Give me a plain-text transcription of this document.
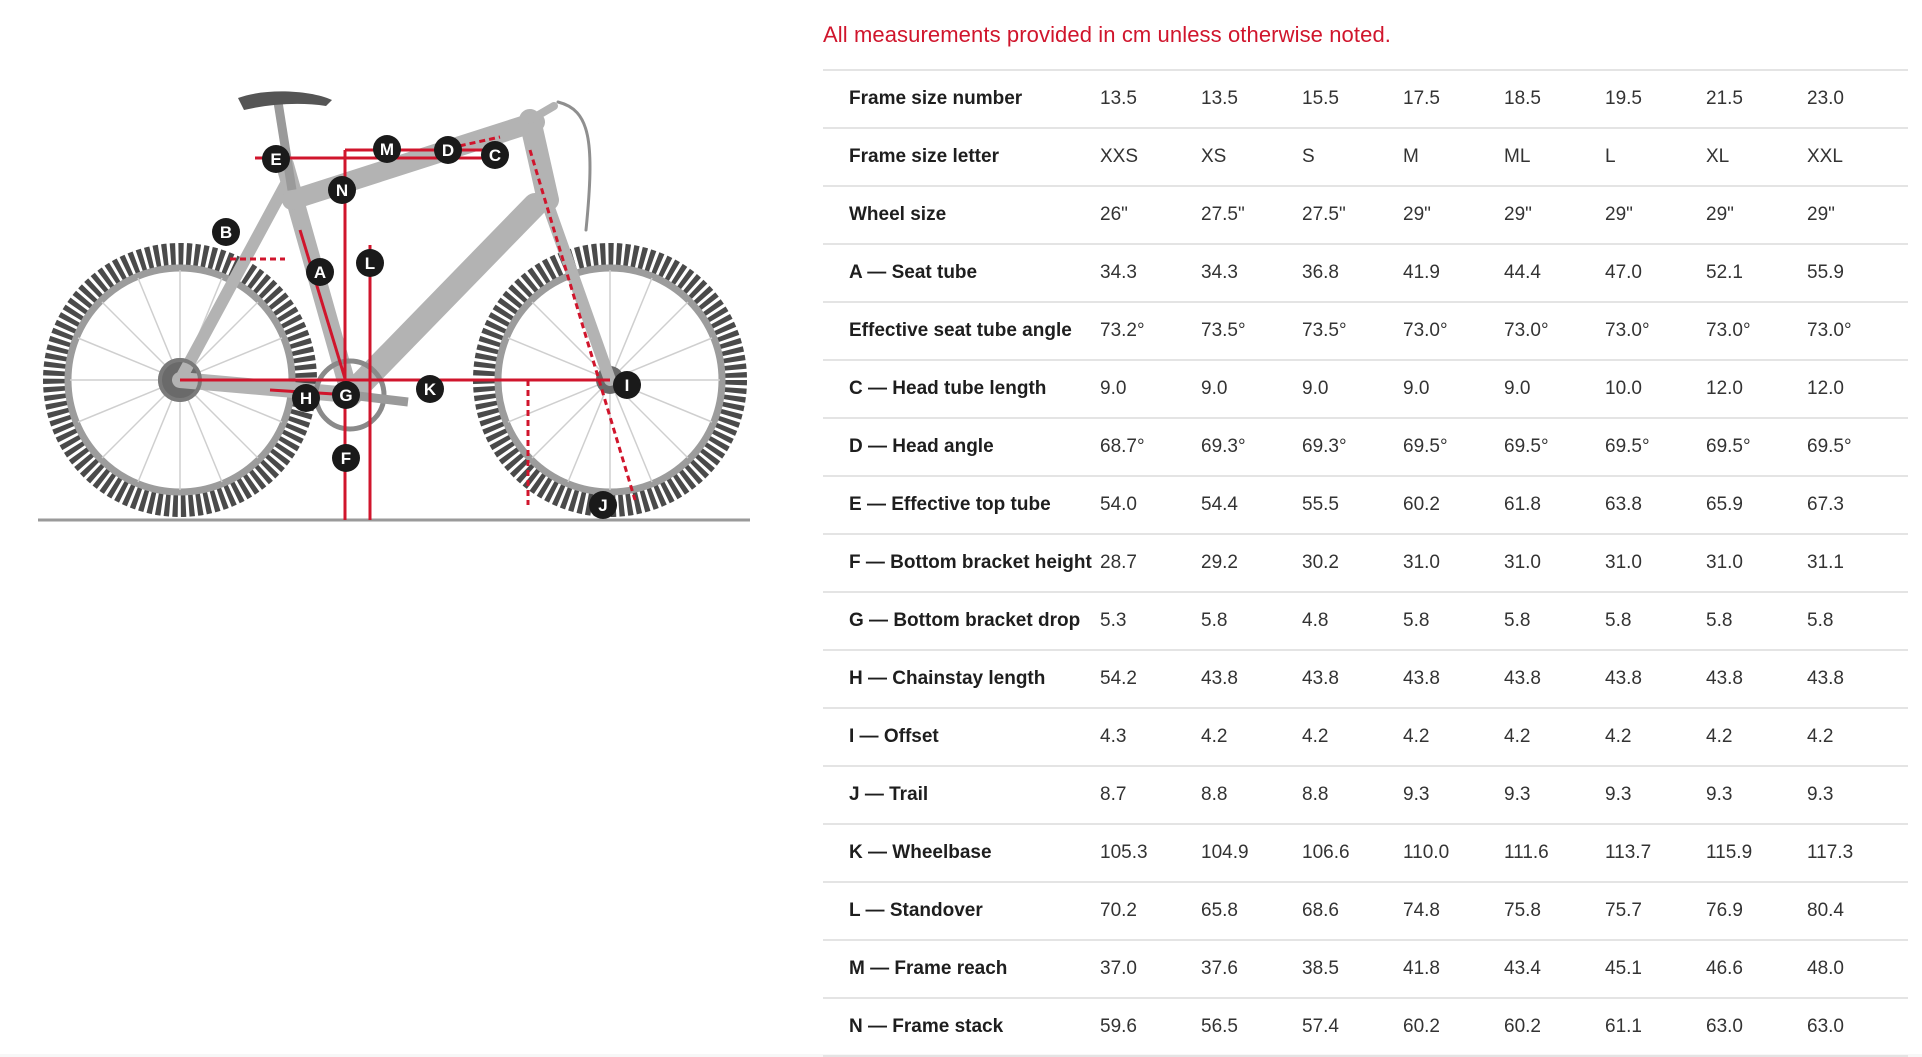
A
B
C
D
E
F
G
H
I
J
K
L
M
N
All measurements provided in cm unless otherwise noted.
Frame size number	13.5	13.5	15.5	17.5	18.5	19.5	21.5	23.0
Frame size letter	XXS	XS	S	M	ML	L	XL	XXL
Wheel size	26"	27.5"	27.5"	29"	29"	29"	29"	29"
A — Seat tube	34.3	34.3	36.8	41.9	44.4	47.0	52.1	55.9
Effective seat tube angle	73.2°	73.5°	73.5°	73.0°	73.0°	73.0°	73.0°	73.0°
C — Head tube length	9.0	9.0	9.0	9.0	9.0	10.0	12.0	12.0
D — Head angle	68.7°	69.3°	69.3°	69.5°	69.5°	69.5°	69.5°	69.5°
E — Effective top tube	54.0	54.4	55.5	60.2	61.8	63.8	65.9	67.3
F — Bottom bracket height	28.7	29.2	30.2	31.0	31.0	31.0	31.0	31.1
G — Bottom bracket drop	5.3	5.8	4.8	5.8	5.8	5.8	5.8	5.8
H — Chainstay length	54.2	43.8	43.8	43.8	43.8	43.8	43.8	43.8
I — Offset	4.3	4.2	4.2	4.2	4.2	4.2	4.2	4.2
J — Trail	8.7	8.8	8.8	9.3	9.3	9.3	9.3	9.3
K — Wheelbase	105.3	104.9	106.6	110.0	111.6	113.7	115.9	117.3
L — Standover	70.2	65.8	68.6	74.8	75.8	75.7	76.9	80.4
M — Frame reach	37.0	37.6	38.5	41.8	43.4	45.1	46.6	48.0
N — Frame stack	59.6	56.5	57.4	60.2	60.2	61.1	63.0	63.0
